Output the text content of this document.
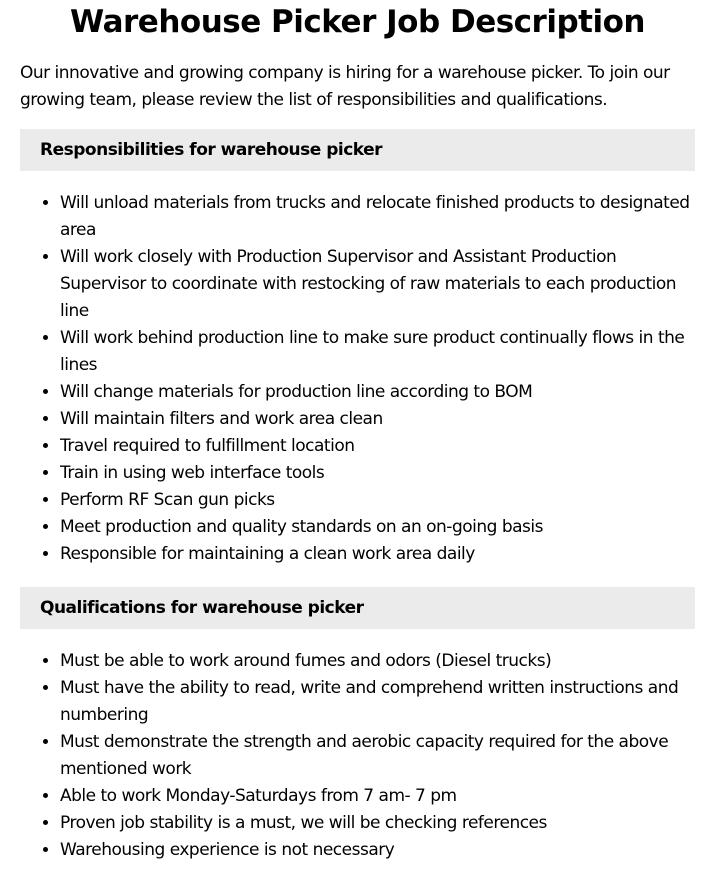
Warehouse Picker Job Description

Our innovative and growing company is hiring for a warehouse picker. To join our growing team, please review the list of responsibilities and qualifications.

Responsibilities for warehouse picker
• Will unload materials from trucks and relocate finished products to designated area
• Will work closely with Production Supervisor and Assistant Production Supervisor to coordinate with restocking of raw materials to each production line
• Will work behind production line to make sure product continually flows in the lines
• Will change materials for production line according to BOM
• Will maintain filters and work area clean
• Travel required to fulfillment location
• Train in using web interface tools
• Perform RF Scan gun picks
• Meet production and quality standards on an on-going basis
• Responsible for maintaining a clean work area daily
Qualifications for warehouse picker
• Must be able to work around fumes and odors (Diesel trucks)
• Must have the ability to read, write and comprehend written instructions and numbering
• Must demonstrate the strength and aerobic capacity required for the above mentioned work
• Able to work Monday-Saturdays from 7 am- 7 pm
• Proven job stability is a must, we will be checking references
• Warehousing experience is not necessary
